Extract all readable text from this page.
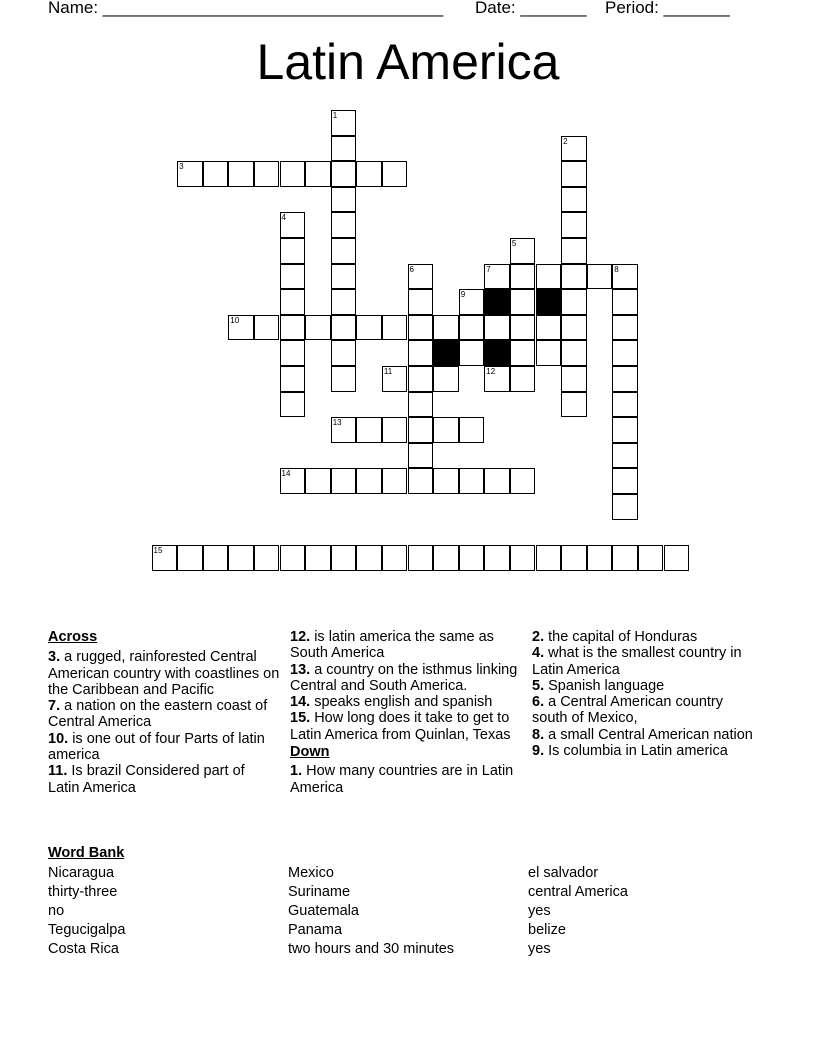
Name: ____________________________________ Date: _______ Period: _______
Latin America
1
2
3
4
5
6	7	8
9
10
11	12
13
14
15
Across
3. a rugged, rainforested Central American country with coastlines on the Caribbean and Pacific
7. a nation on the eastern coast of Central America
10. is one out of four Parts of latin america
11. Is brazil Considered part of Latin America
12. is latin america the same as South America
13. a country on the isthmus linking Central and South America.
14. speaks english and spanish
15. How long does it take to get to Latin America from Quinlan, Texas
Down
1. How many countries are in Latin America
2. the capital of Honduras
4. what is the smallest country in Latin America
5. Spanish language
6. a Central American country south of Mexico,
8. a small Central American nation
9. Is columbia in Latin america
Word Bank
Nicaragua
thirty-three
no
Tegucigalpa
Costa Rica
Mexico
Suriname
Guatemala
Panama
two hours and 30 minutes
el salvador
central America
yes
belize
yes
